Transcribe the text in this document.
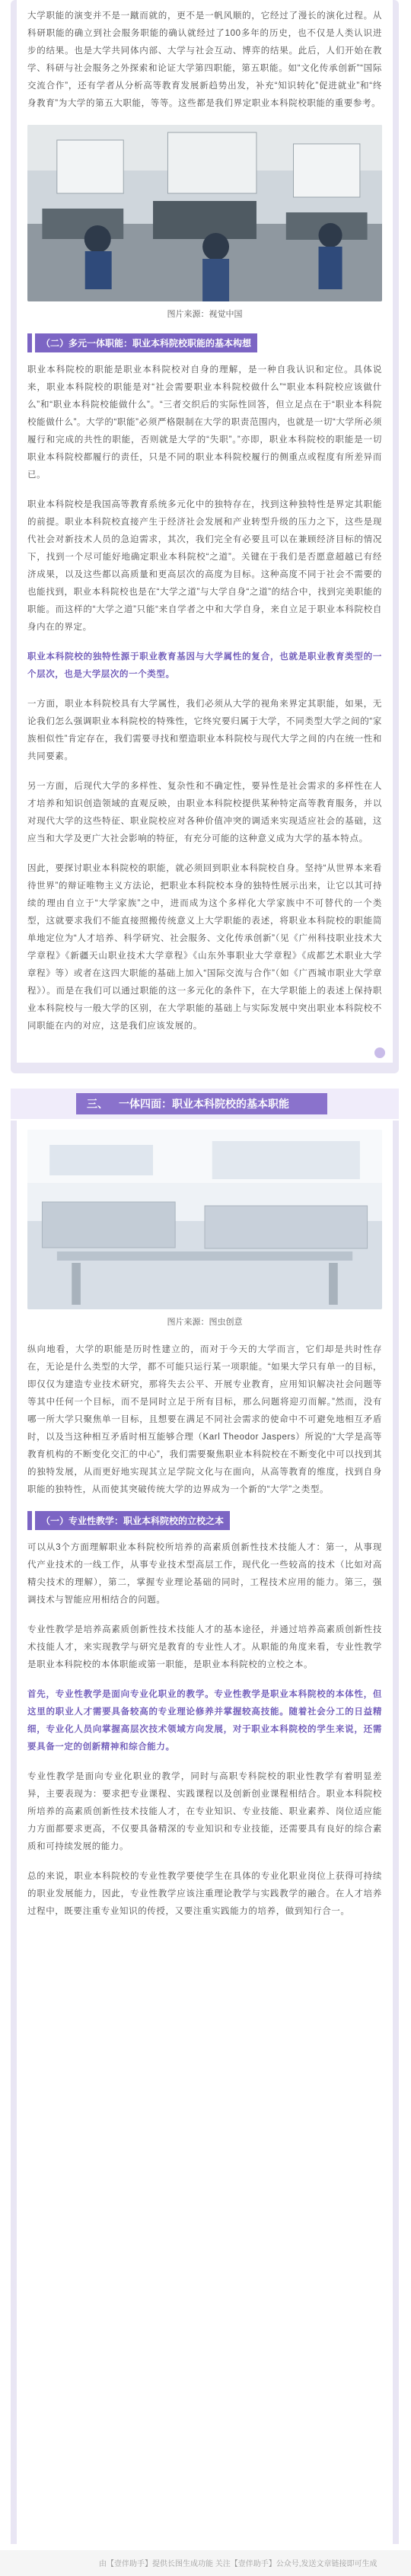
大学职能的演变并不是一蹴而就的，更不是一帆风顺的，它经过了漫长的演化过程。从科研职能的确立到社会服务职能的确认就经过了100多年的历史，也不仅是人类认识进步的结果。也是大学共同体内部、大学与社会互动、博弈的结果。此后，人们开始在教学、科研与社会服务之外探索和论证大学第四职能，第五职能。如“文化传承创新”“国际交流合作”，还有学者从分析高等教育发展新趋势出发，补充“知识转化”促进就业”和“终身教育”为大学的第五大职能，等等。这些都是我们界定职业本科院校职能的重要参考。

图片来源：视觉中国
（二）多元一体职能：职业本科院校职能的基本构想

职业本科院校的职能是职业本科院校对自身的理解，是一种自我认识和定位。具体说来，职业本科院校的职能是对“社会需要职业本科院校做什么”“职业本科院校应该做什么”和“职业本科院校能做什么”。“三者交织后的实际性回答，但立足点在于“职业本科院校能做什么”。大学的“职能”必须严格限制在大学的职责范围内，也就是一切“大学所必须履行和完成的共性的职能，否则就是大学的“失职”。”亦即，职业本科院校的职能是一切职业本科院校都履行的责任，只是不同的职业本科院校履行的侧重点或程度有所差异而已。

职业本科院校是我国高等教育系统多元化中的独特存在，找到这种独特性是界定其职能的前提。职业本科院校直接产生于经济社会发展和产业转型升级的压力之下，这些是现代社会对新技术人员的急迫需求，其次，我们完全有必要且可以在兼顾经济目标的情况下，找到一个尽可能好地确定职业本科院校“之道”。关键在于我们是否愿意超越已有经济成果，以及这些都以高质量和更高层次的高度为目标。这种高度不同于社会不需要的也能找到，职业本科院校也是在“大学之道”与大学自身“之道”的结合中，找到完美职能的职能。而这样的“大学之道”只能“来自学者之中和大学自身，来自立足于职业本科院校自身内在的界定。

职业本科院校的独特性源于职业教育基因与大学属性的复合，也就是职业教育类型的一个层次，也是大学层次的一个类型。

一方面，职业本科院校具有大学属性，我们必须从大学的视角来界定其职能，如果，无论我们怎么强调职业本科院校的特殊性，它终究要归属于大学，不同类型大学之间的“家族相似性”肯定存在，我们需要寻找和塑造职业本科院校与现代大学之间的内在统一性和共同要素。

另一方面，后现代大学的多样性、复杂性和不确定性，要异性是社会需求的多样性在人才培养和知识创造领域的直观反映，由职业本科院校提供某种特定高等教育服务，并以对现代大学的这些特征、职业院校应对各种价值冲突的调适来实现适应社会的基础，这应当和大学及更广大社会影响的特征，有充分可能的这种意义成为大学的基本特点。

因此，要探讨职业本科院校的职能，就必须回到职业本科院校自身。坚持“从世界本来看待世界”的辩证唯物主义方法论，把职业本科院校本身的独特性展示出来，让它以其可持续的理由自立于“大学家族”之中，进而成为这个多样化大学家族中不可替代的一个类型，这就要求我们不能直接照搬传统意义上大学职能的表述，将职业本科院校的职能简单地定位为“人才培养、科学研究、社会服务、文化传承创新”（见《广州科技职业技术大学章程》《新疆天山职业技术大学章程》《山东外事职业大学章程》《成都艺术职业大学章程》等）或者在这四大职能的基础上加入“国际交流与合作”（如《广西城市职业大学章程》）。而是在我们可以通过职能的这一多元化的条件下，在大学职能上的表述上保持职业本科院校与一般大学的区别，在大学职能的基础上与实际发展中突出职业本科院校不同职能在内的对应，这是我们应该发展的。

三、 一体四面：职业本科院校的基本职能
图片来源：图虫创意

纵向地看，大学的职能是历时性建立的，而对于今天的大学而言，它们却是共时性存在，无论是什么类型的大学，都不可能只运行某一项职能。“如果大学只有单一的目标，即仅仅为建造专业技术研究，那将失去公平、开展专业教育，应用知识解决社会问题等等其中任何一个目标，而不是同时立足于所有目标，那么问题将迎刃而解。”然而，没有哪一所大学只聚焦单一目标，且想要在满足不同社会需求的使命中不可避免地相互矛盾时，以及当这种相互矛盾时相互能够合理（Karl Theodor Jaspers）所说的“大学是高等教育机构的不断变化交汇的中心”，我们需要聚焦职业本科院校在不断变化中可以找到其的独特发展，从而更好地实现其立足学院文化与在面向，从高等教育的维度，找到自身职能的独特性，从而使其突破传统大学的边界成为一个新的“大学”之类型。

（一）专业性教学：职业本科院校的立校之本

可以从3个方面理解职业本科院校所培养的高素质创新性技术技能人才：第一，从事现代产业技术的一线工作，从事专业技术型高层工作，现代化一些较高的技术（比如对高精尖技术的理解），第二，掌握专业理论基础的同时，工程技术应用的能力。第三，强调技术与智能应用相结合的问题。

专业性教学是培养高素质创新性技术技能人才的基本途径，并通过培养高素质创新性技术技能人才，来实现教学与研究是教育的专业性人才。从职能的角度来看，专业性教学是职业本科院校的本体职能或第一职能，是职业本科院校的立校之本。

首先，专业性教学是面向专业化职业的教学。专业性教学是职业本科院校的本体性，但这里的职业人才需要具备较高的专业理论修养并掌握较高技能。随着社会分工的日益精细，专业化人员向掌握高层次技术领域方向发展，对于职业本科院校的学生来说，还需要具备一定的创新精神和综合能力。

专业性教学是面向专业化职业的教学，同时与高职专科院校的职业性教学有着明显差异，主要表现为：要求把专业课程、实践课程以及创新创业课程相结合。职业本科院校所培养的高素质创新性技术技能人才，在专业知识、专业技能、职业素养、岗位适应能力方面都要求更高，不仅要具备精深的专业知识和专业技能，还需要具有良好的综合素质和可持续发展的能力。

总的来说，职业本科院校的专业性教学要使学生在具体的专业化职业岗位上获得可持续的职业发展能力，因此，专业性教学应该注重理论教学与实践教学的融合。在人才培养过程中，既要注重专业知识的传授，又要注重实践能力的培养，做到知行合一。

由【壹伴助手】提供长图生成功能 关注【壹伴助手】公众号,发送文章链接即可生成
